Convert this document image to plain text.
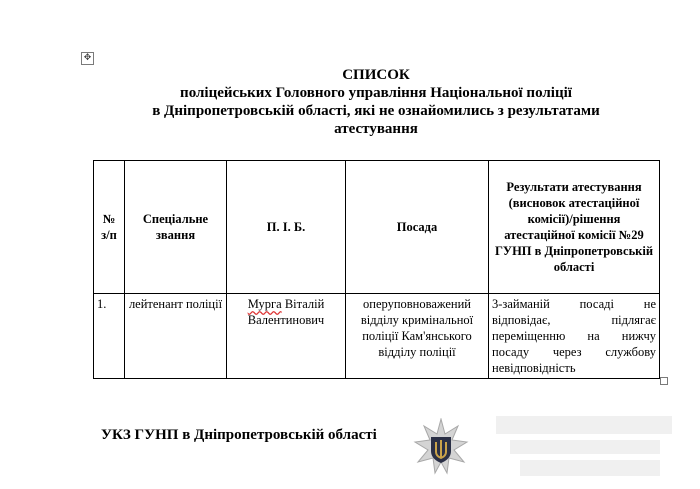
✥
СПИСОК
поліцейських Головного управління Національної поліції
в Дніпропетровській області, які не ознайомились з результатами
атестування
№ з/п	Спеціальне звання	П. І. Б.	Посада	Результати атестування (висновок атестаційної комісії)/рішення атестаційної комісії №29 ГУНП в Дніпропетровській області
1.	лейтенант поліції	Мурга Віталій Валентинович	оперуповноважений відділу кримінальної поліції Кам'янського відділу поліції	3-займаній посаді не відповідає, підлягає переміщенню на нижчу посаду через службову невідповідність
УКЗ ГУНП в Дніпропетровській області
